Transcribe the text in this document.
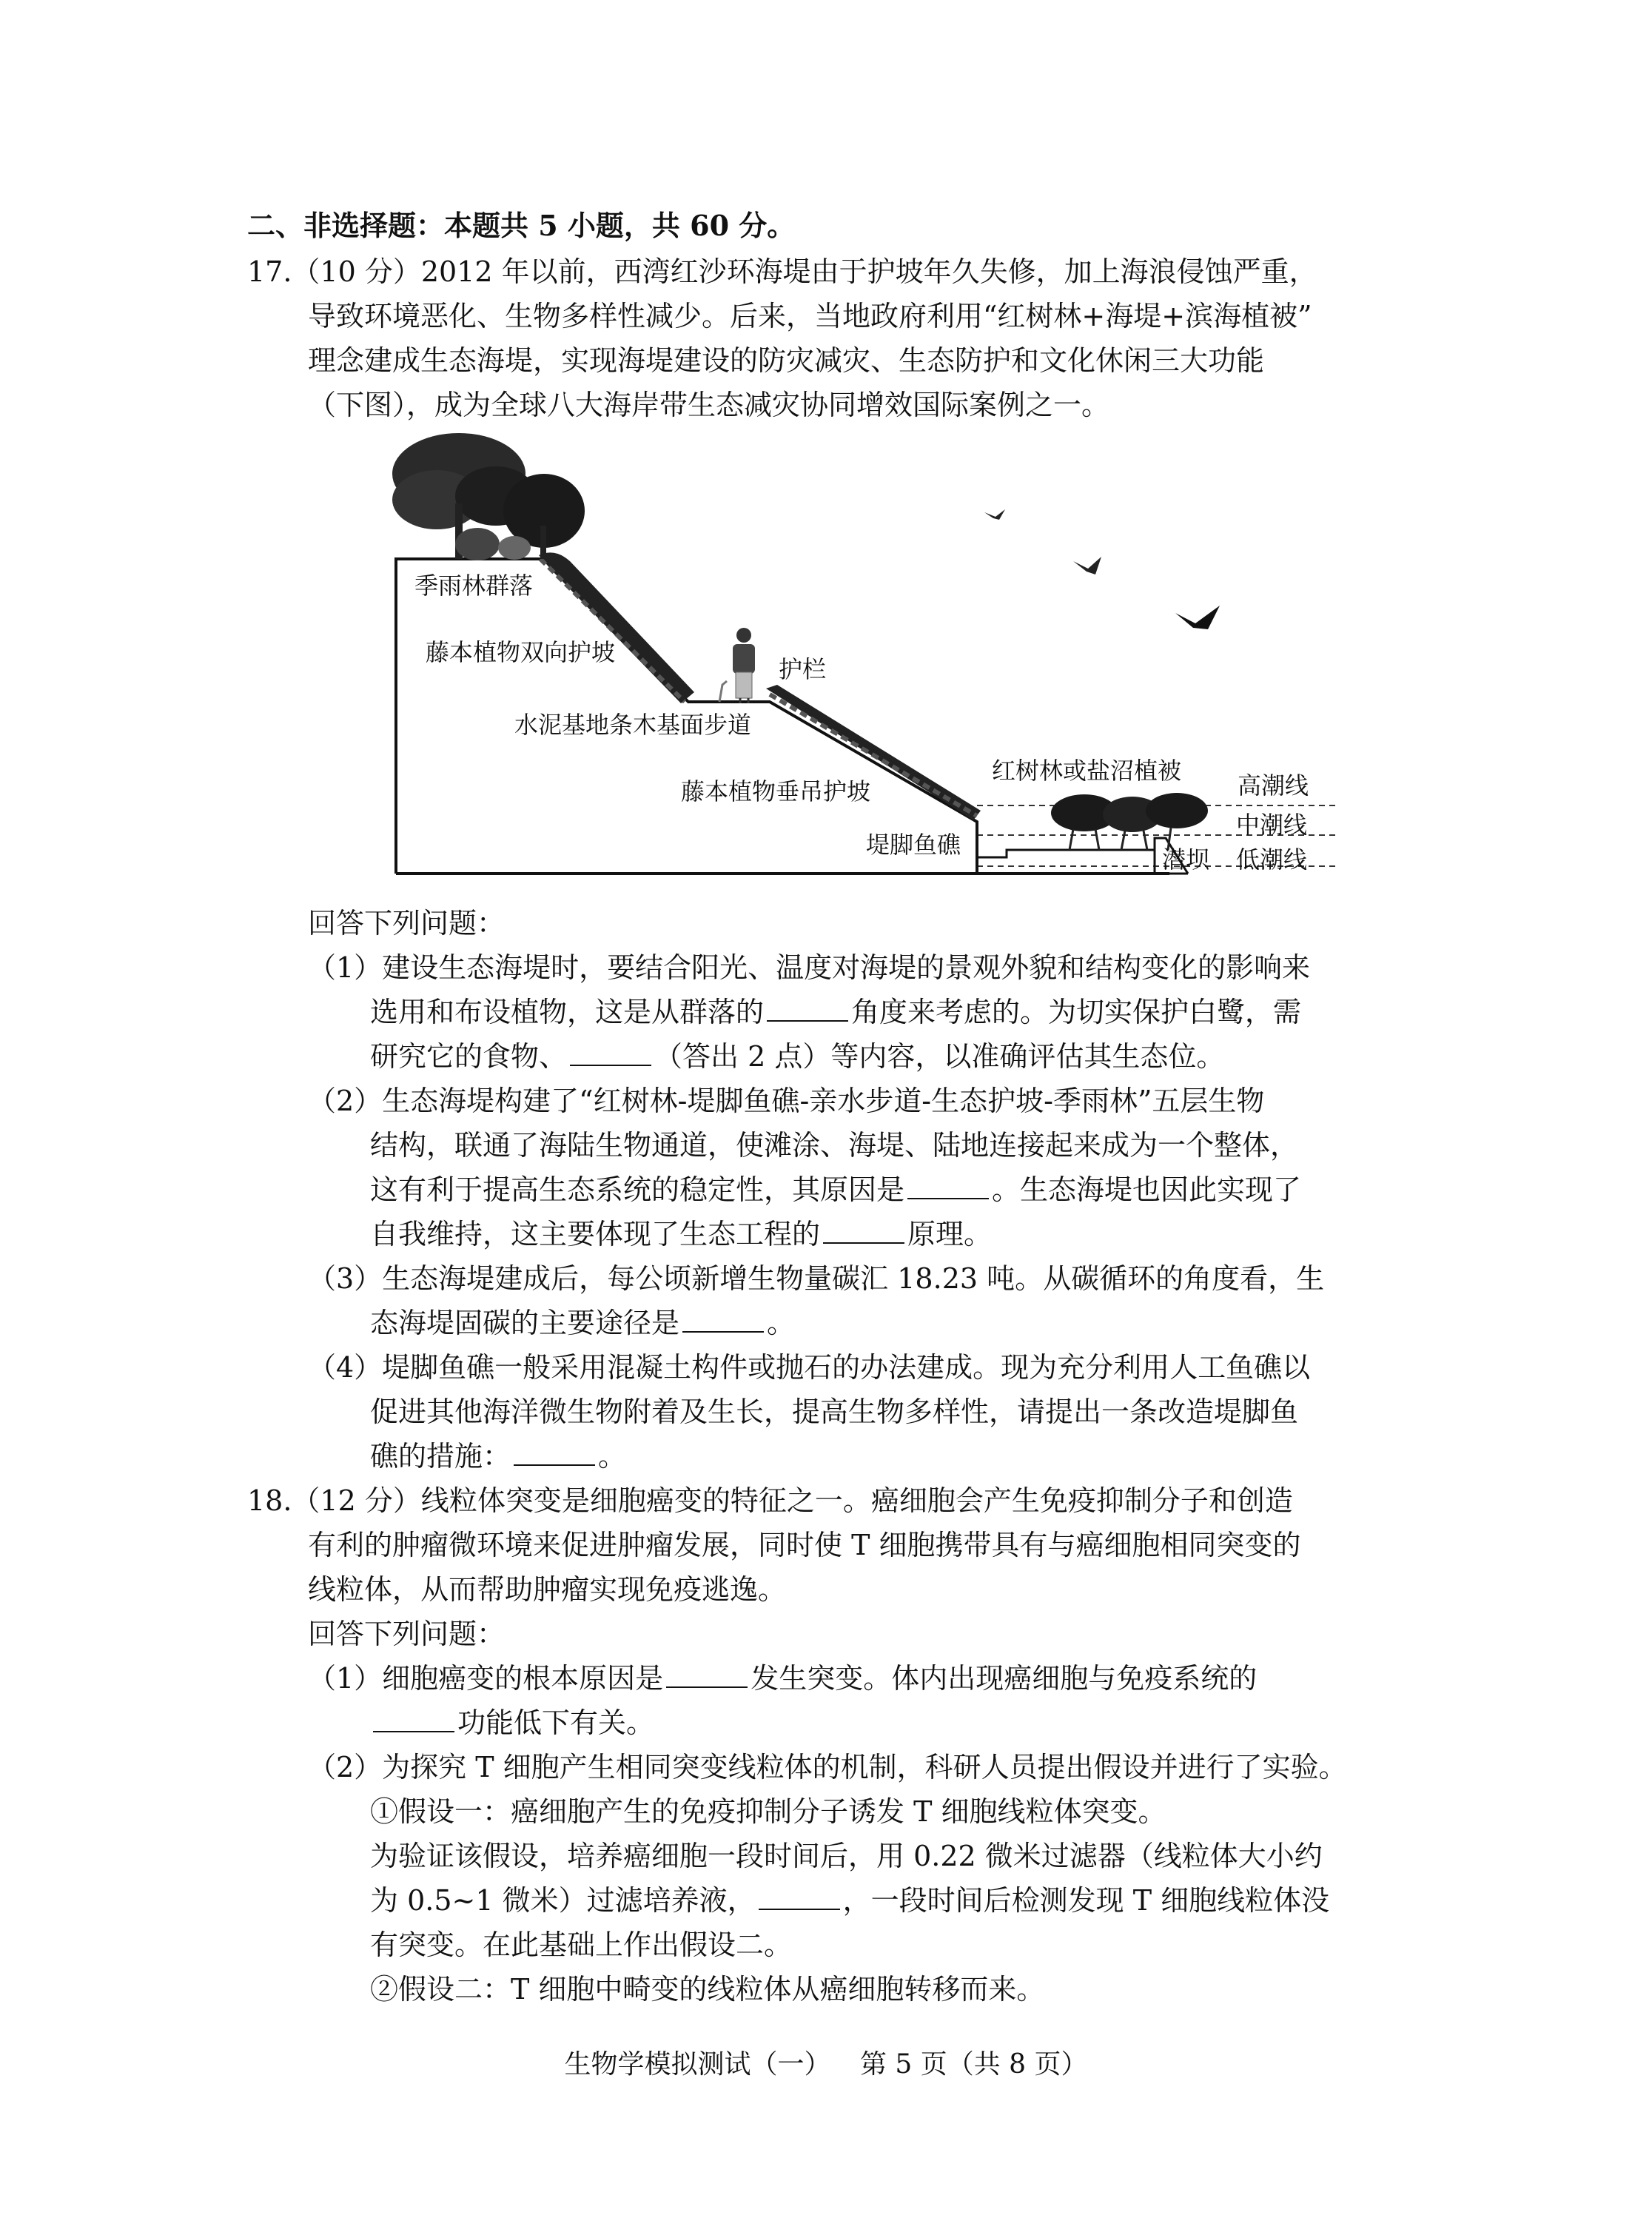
二、非选择题：本题共 5 小题，共 60 分。
17.（10 分）2012 年以前，西湾红沙环海堤由于护坡年久失修，加上海浪侵蚀严重，
导致环境恶化、生物多样性减少。后来，当地政府利用“红树林+海堤+滨海植被”
理念建成生态海堤，实现海堤建设的防灾减灾、生态防护和文化休闲三大功能
（下图），成为全球八大海岸带生态减灾协同增效国际案例之一。
季雨林群落
藤本植物双向护坡
护栏
水泥基地条木基面步道
藤本植物垂吊护坡
红树林或盐沼植被
高潮线
中潮线
潜坝 低潮线
堤脚鱼礁
回答下列问题：
（1）建设生态海堤时，要结合阳光、温度对海堤的景观外貌和结构变化的影响来
选用和布设植物，这是从群落的	角度来考虑的。为切实保护白鹭，需
研究它的食物、	（答出 2 点）等内容，以准确评估其生态位。
（2）生态海堤构建了“红树林-堤脚鱼礁-亲水步道-生态护坡-季雨林”五层生物
结构，联通了海陆生物通道，使滩涂、海堤、陆地连接起来成为一个整体，
这有利于提高生态系统的稳定性，其原因是	。生态海堤也因此实现了
自我维持，这主要体现了生态工程的	原理。
（3）生态海堤建成后，每公顷新增生物量碳汇 18.23 吨。从碳循环的角度看，生
态海堤固碳的主要途径是	。
（4）堤脚鱼礁一般采用混凝土构件或抛石的办法建成。现为充分利用人工鱼礁以
促进其他海洋微生物附着及生长，提高生物多样性，请提出一条改造堤脚鱼
礁的措施：	。
18.（12 分）线粒体突变是细胞癌变的特征之一。癌细胞会产生免疫抑制分子和创造
有利的肿瘤微环境来促进肿瘤发展，同时使 T 细胞携带具有与癌细胞相同突变的
线粒体，从而帮助肿瘤实现免疫逃逸。
回答下列问题：
（1）细胞癌变的根本原因是	发生突变。体内出现癌细胞与免疫系统的
功能低下有关。
（2）为探究 T 细胞产生相同突变线粒体的机制，科研人员提出假设并进行了实验。
①假设一：癌细胞产生的免疫抑制分子诱发 T 细胞线粒体突变。
为验证该假设，培养癌细胞一段时间后，用 0.22 微米过滤器（线粒体大小约
为 0.5~1 微米）过滤培养液，	，一段时间后检测发现 T 细胞线粒体没
有突变。在此基础上作出假设二。
②假设二：T 细胞中畸变的线粒体从癌细胞转移而来。
生物学模拟测试（一） 第 5 页（共 8 页）
